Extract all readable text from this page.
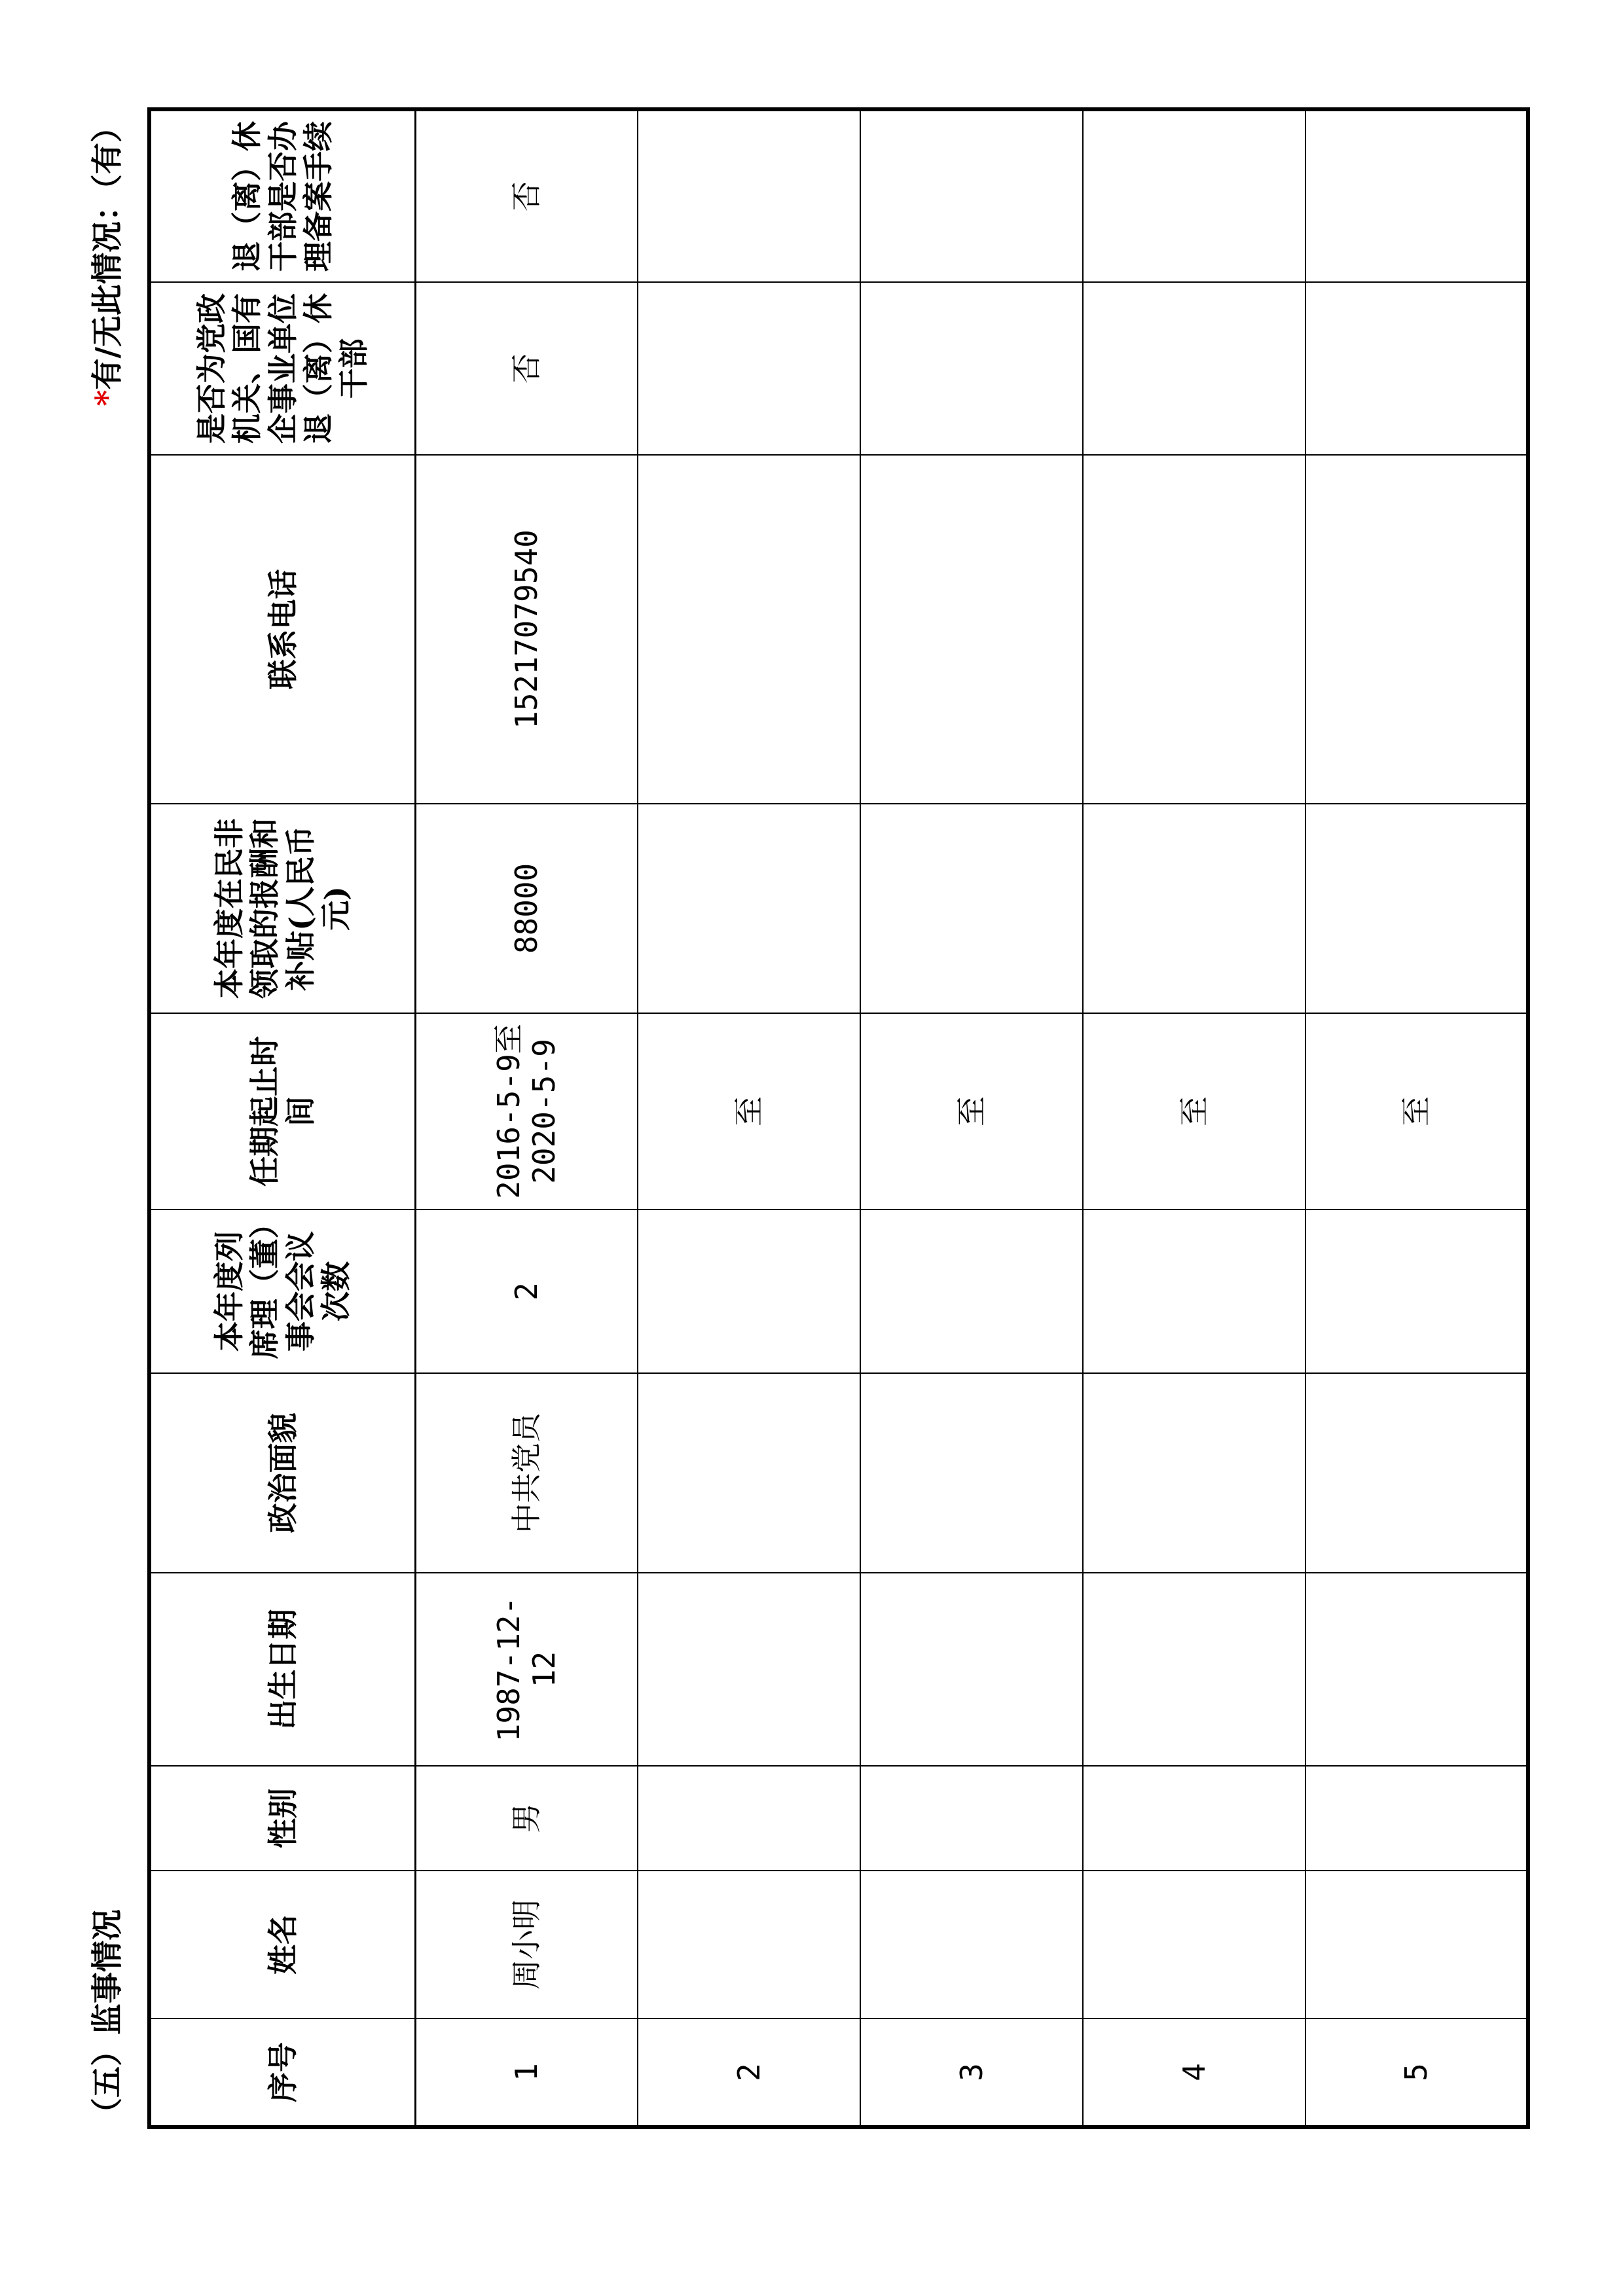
（五）监事情况
*有/无此情况：（有）
序号	姓名	性别	出生日期	政治面貌	本年度列席理（董）事会会议次数	任期起止时间	本年度在民非领取的报酬和补贴(人民币元)	联系电话	是否为党政机关、国有企事业单位退（离）休干部	退（离）休干部是否办理备案手续
1	周小明	男	1987-12-12	中共党员	2	2016-5-9至2020-5-9	88000	15217079540	否	否
2						至				
3						至				
4						至				
5						至				
